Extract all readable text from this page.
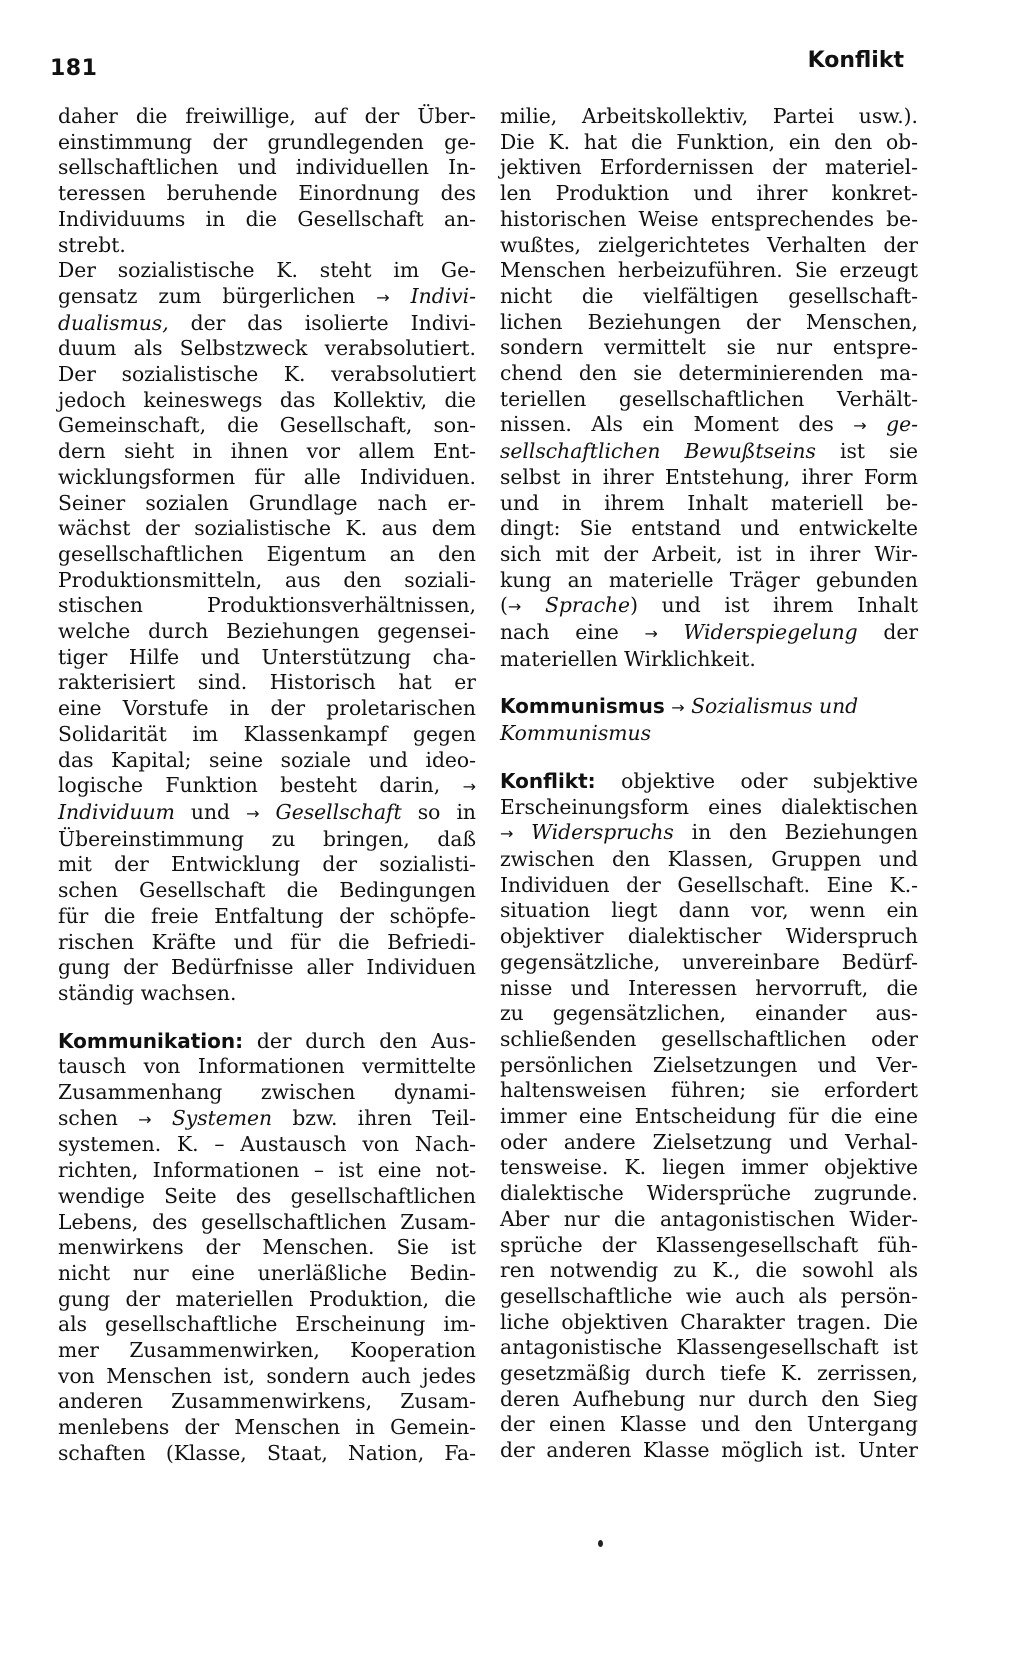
181	Konflikt
daher die freiwillige, auf der Über-
einstimmung der grundlegenden ge-
sellschaftlichen und individuellen In-
teressen beruhende Einordnung des
Individuums in die Gesellschaft an-
strebt.
Der sozialistische K. steht im Ge-
gensatz zum bürgerlichen → Indivi-
dualismus, der das isolierte Indivi-
duum als Selbstzweck verabsolutiert.
Der sozialistische K. verabsolutiert
jedoch keineswegs das Kollektiv, die
Gemeinschaft, die Gesellschaft, son-
dern sieht in ihnen vor allem Ent-
wicklungsformen für alle Individuen.
Seiner sozialen Grundlage nach er-
wächst der sozialistische K. aus dem
gesellschaftlichen Eigentum an den
Produktionsmitteln, aus den soziali-
stischen Produktionsverhältnissen,
welche durch Beziehungen gegensei-
tiger Hilfe und Unterstützung cha-
rakterisiert sind. Historisch hat er
eine Vorstufe in der proletarischen
Solidarität im Klassenkampf gegen
das Kapital; seine soziale und ideo-
logische Funktion besteht darin, →
Individuum und → Gesellschaft so in
Übereinstimmung zu bringen, daß
mit der Entwicklung der sozialisti-
schen Gesellschaft die Bedingungen
für die freie Entfaltung der schöpfe-
rischen Kräfte und für die Befriedi-
gung der Bedürfnisse aller Individuen
ständig wachsen.
Kommunikation: der durch den Aus-
tausch von Informationen vermittelte
Zusammenhang zwischen dynami-
schen → Systemen bzw. ihren Teil-
systemen. K. – Austausch von Nach-
richten, Informationen – ist eine not-
wendige Seite des gesellschaftlichen
Lebens, des gesellschaftlichen Zusam-
menwirkens der Menschen. Sie ist
nicht nur eine unerläßliche Bedin-
gung der materiellen Produktion, die
als gesellschaftliche Erscheinung im-
mer Zusammenwirken, Kooperation
von Menschen ist, sondern auch jedes
anderen Zusammenwirkens, Zusam-
menlebens der Menschen in Gemein-
schaften (Klasse, Staat, Nation, Fa-
milie, Arbeitskollektiv, Partei usw.).
Die K. hat die Funktion, ein den ob-
jektiven Erfordernissen der materiel-
len Produktion und ihrer konkret-
historischen Weise entsprechendes be-
wußtes, zielgerichtetes Verhalten der
Menschen herbeizuführen. Sie erzeugt
nicht die vielfältigen gesellschaft-
lichen Beziehungen der Menschen,
sondern vermittelt sie nur entspre-
chend den sie determinierenden ma-
teriellen gesellschaftlichen Verhält-
nissen. Als ein Moment des → ge-
sellschaftlichen Bewußtseins ist sie
selbst in ihrer Entstehung, ihrer Form
und in ihrem Inhalt materiell be-
dingt: Sie entstand und entwickelte
sich mit der Arbeit, ist in ihrer Wir-
kung an materielle Träger gebunden
(→ Sprache) und ist ihrem Inhalt
nach eine → Widerspiegelung der
materiellen Wirklichkeit.
Kommunismus → Sozialismus und
Kommunismus
Konflikt: objektive oder subjektive
Erscheinungsform eines dialektischen
→ Widerspruchs in den Beziehungen
zwischen den Klassen, Gruppen und
Individuen der Gesellschaft. Eine K.-
situation liegt dann vor, wenn ein
objektiver dialektischer Widerspruch
gegensätzliche, unvereinbare Bedürf-
nisse und Interessen hervorruft, die
zu gegensätzlichen, einander aus-
schließenden gesellschaftlichen oder
persönlichen Zielsetzungen und Ver-
haltensweisen führen; sie erfordert
immer eine Entscheidung für die eine
oder andere Zielsetzung und Verhal-
tensweise. K. liegen immer objektive
dialektische Widersprüche zugrunde.
Aber nur die antagonistischen Wider-
sprüche der Klassengesellschaft füh-
ren notwendig zu K., die sowohl als
gesellschaftliche wie auch als persön-
liche objektiven Charakter tragen. Die
antagonistische Klassengesellschaft ist
gesetzmäßig durch tiefe K. zerrissen,
deren Aufhebung nur durch den Sieg
der einen Klasse und den Untergang
der anderen Klasse möglich ist. Unter
